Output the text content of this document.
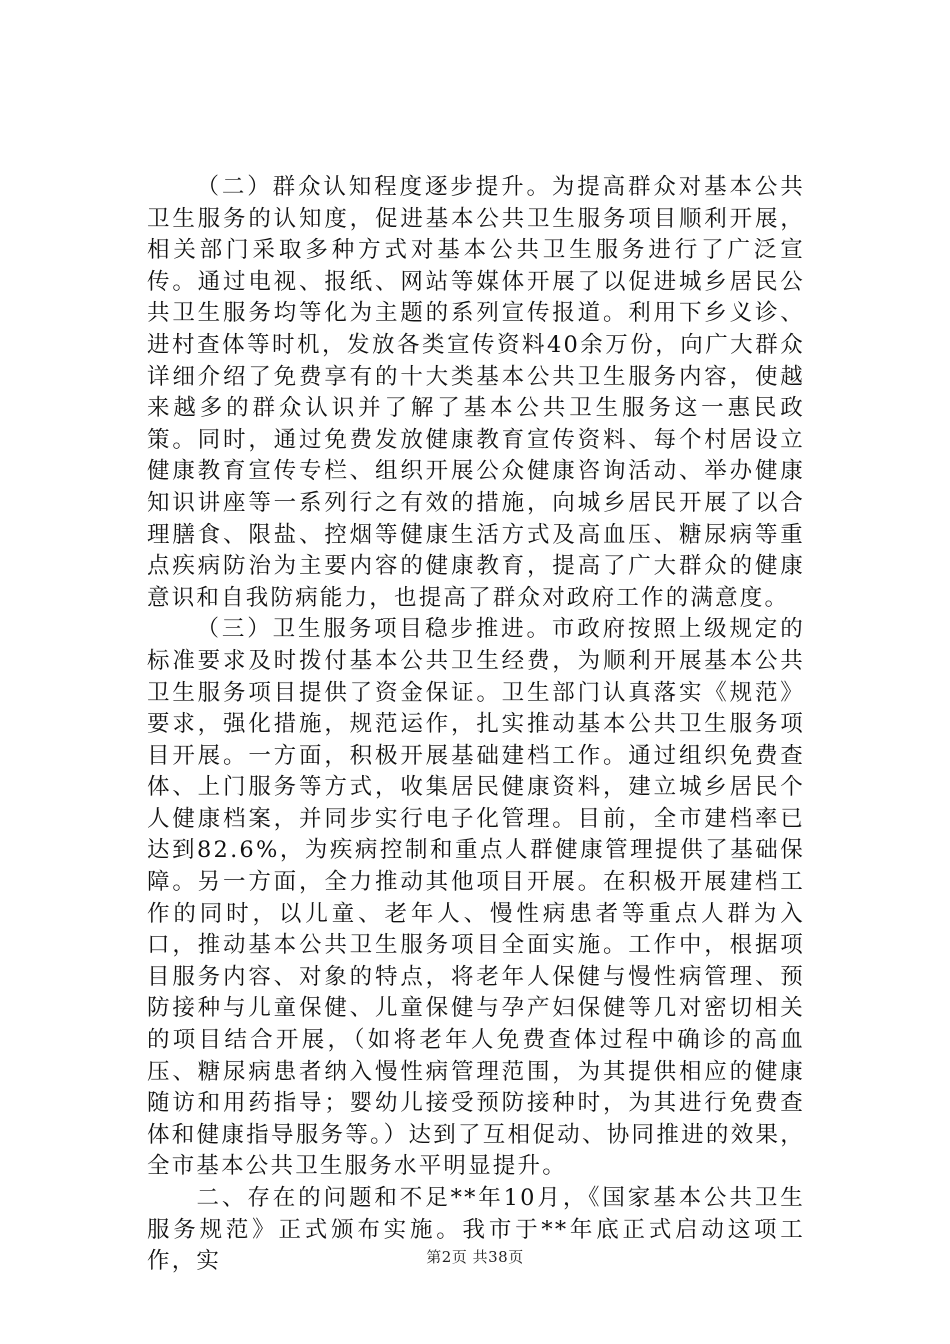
（二）群众认知程度逐步提升。为提高群众对基本公共卫生服务的认知度，促进基本公共卫生服务项目顺利开展，相关部门采取多种方式对基本公共卫生服务进行了广泛宣传。通过电视、报纸、网站等媒体开展了以促进城乡居民公共卫生服务均等化为主题的系列宣传报道。利用下乡义诊、进村查体等时机，发放各类宣传资料40余万份，向广大群众详细介绍了免费享有的十大类基本公共卫生服务内容，使越来越多的群众认识并了解了基本公共卫生服务这一惠民政策。同时，通过免费发放健康教育宣传资料、每个村居设立健康教育宣传专栏、组织开展公众健康咨询活动、举办健康知识讲座等一系列行之有效的措施，向城乡居民开展了以合理膳食、限盐、控烟等健康生活方式及高血压、糖尿病等重点疾病防治为主要内容的健康教育，提高了广大群众的健康意识和自我防病能力，也提高了群众对政府工作的满意度。

（三）卫生服务项目稳步推进。市政府按照上级规定的标准要求及时拨付基本公共卫生经费，为顺利开展基本公共卫生服务项目提供了资金保证。卫生部门认真落实《规范》要求，强化措施，规范运作，扎实推动基本公共卫生服务项目开展。一方面，积极开展基础建档工作。通过组织免费查体、上门服务等方式，收集居民健康资料，建立城乡居民个人健康档案，并同步实行电子化管理。目前，全市建档率已达到82.6%，为疾病控制和重点人群健康管理提供了基础保障。另一方面，全力推动其他项目开展。在积极开展建档工作的同时，以儿童、老年人、慢性病患者等重点人群为入口，推动基本公共卫生服务项目全面实施。工作中，根据项目服务内容、对象的特点，将老年人保健与慢性病管理、预防接种与儿童保健、儿童保健与孕产妇保健等几对密切相关的项目结合开展，（如将老年人免费查体过程中确诊的高血压、糖尿病患者纳入慢性病管理范围，为其提供相应的健康随访和用药指导；婴幼儿接受预防接种时，为其进行免费查体和健康指导服务等。）达到了互相促动、协同推进的效果，全市基本公共卫生服务水平明显提升。

二、存在的问题和不足**年10月，《国家基本公共卫生服务规范》正式颁布实施。我市于**年底正式启动这项工作，实	第2页 共38页
